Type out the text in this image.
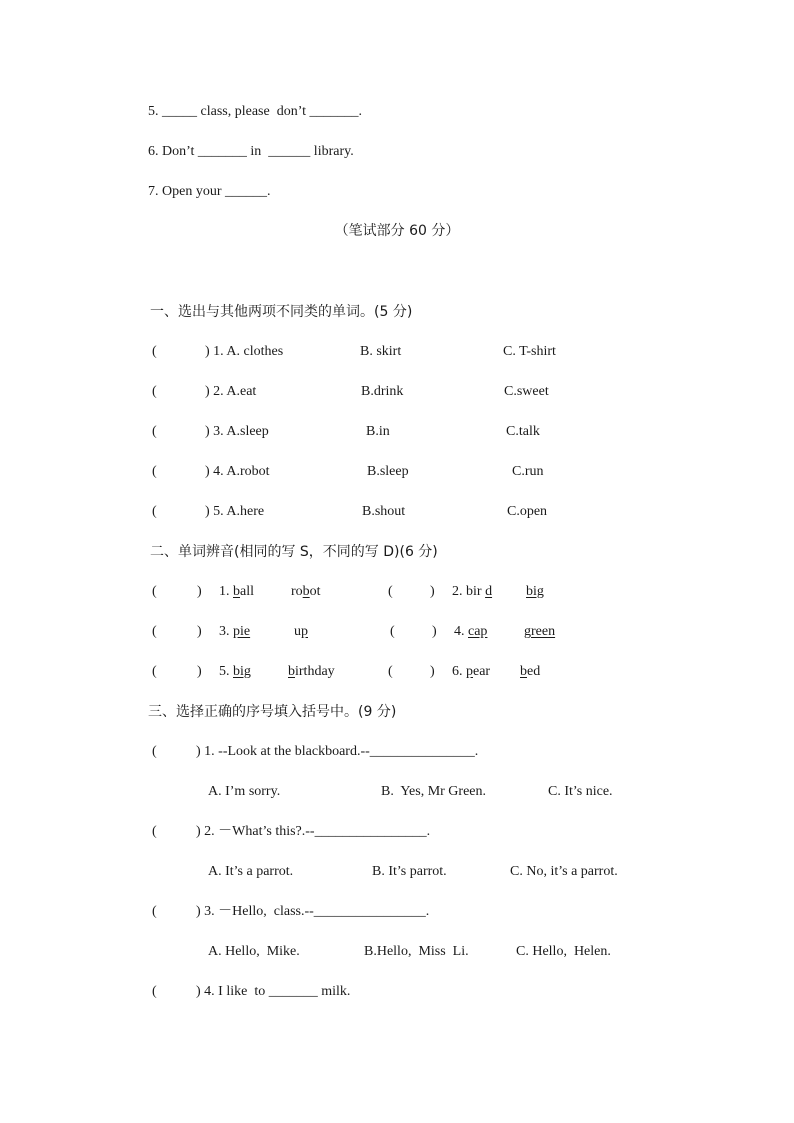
5. _____ class, please  don’t _______.
6. Don’t _______ in  ______ library.
7. Open your ______.
（笔试部分 60 分）
一、选出与其他两项不同类的单词。(5 分)
(	) 1. A. clothes	B. skirt	C. T-shirt
(	) 2. A.eat	B.drink	C.sweet
(	) 3. A.sleep	B.in	C.talk
(	) 4. A.robot	B.sleep	C.run
(	) 5. A.here	B.shout	C.open
二、单词辨音(相同的写 S，不同的写 D)(6 分)
(	) 1. ball	robot	(	) 2. bir d big
(	) 3. pie	up	(	) 4. cap	green
(	) 5. big	birthday	(	) 6. pear bed
三、选择正确的序号填入括号中。(9 分)
(	) 1. --Look at the blackboard.--_______________.
A. I’m sorry.	B.  Yes, Mr Green.	C. It’s nice.
(	) 2. －What’s this?.--________________.
A. It’s a parrot.	B. It’s parrot.	C. No, it’s a parrot.
(	) 3. －Hello,  class.--________________.
A. Hello,  Mike.	B.Hello,  Miss  Li.	C. Hello,  Helen.
(	) 4. I like  to _______ milk.
